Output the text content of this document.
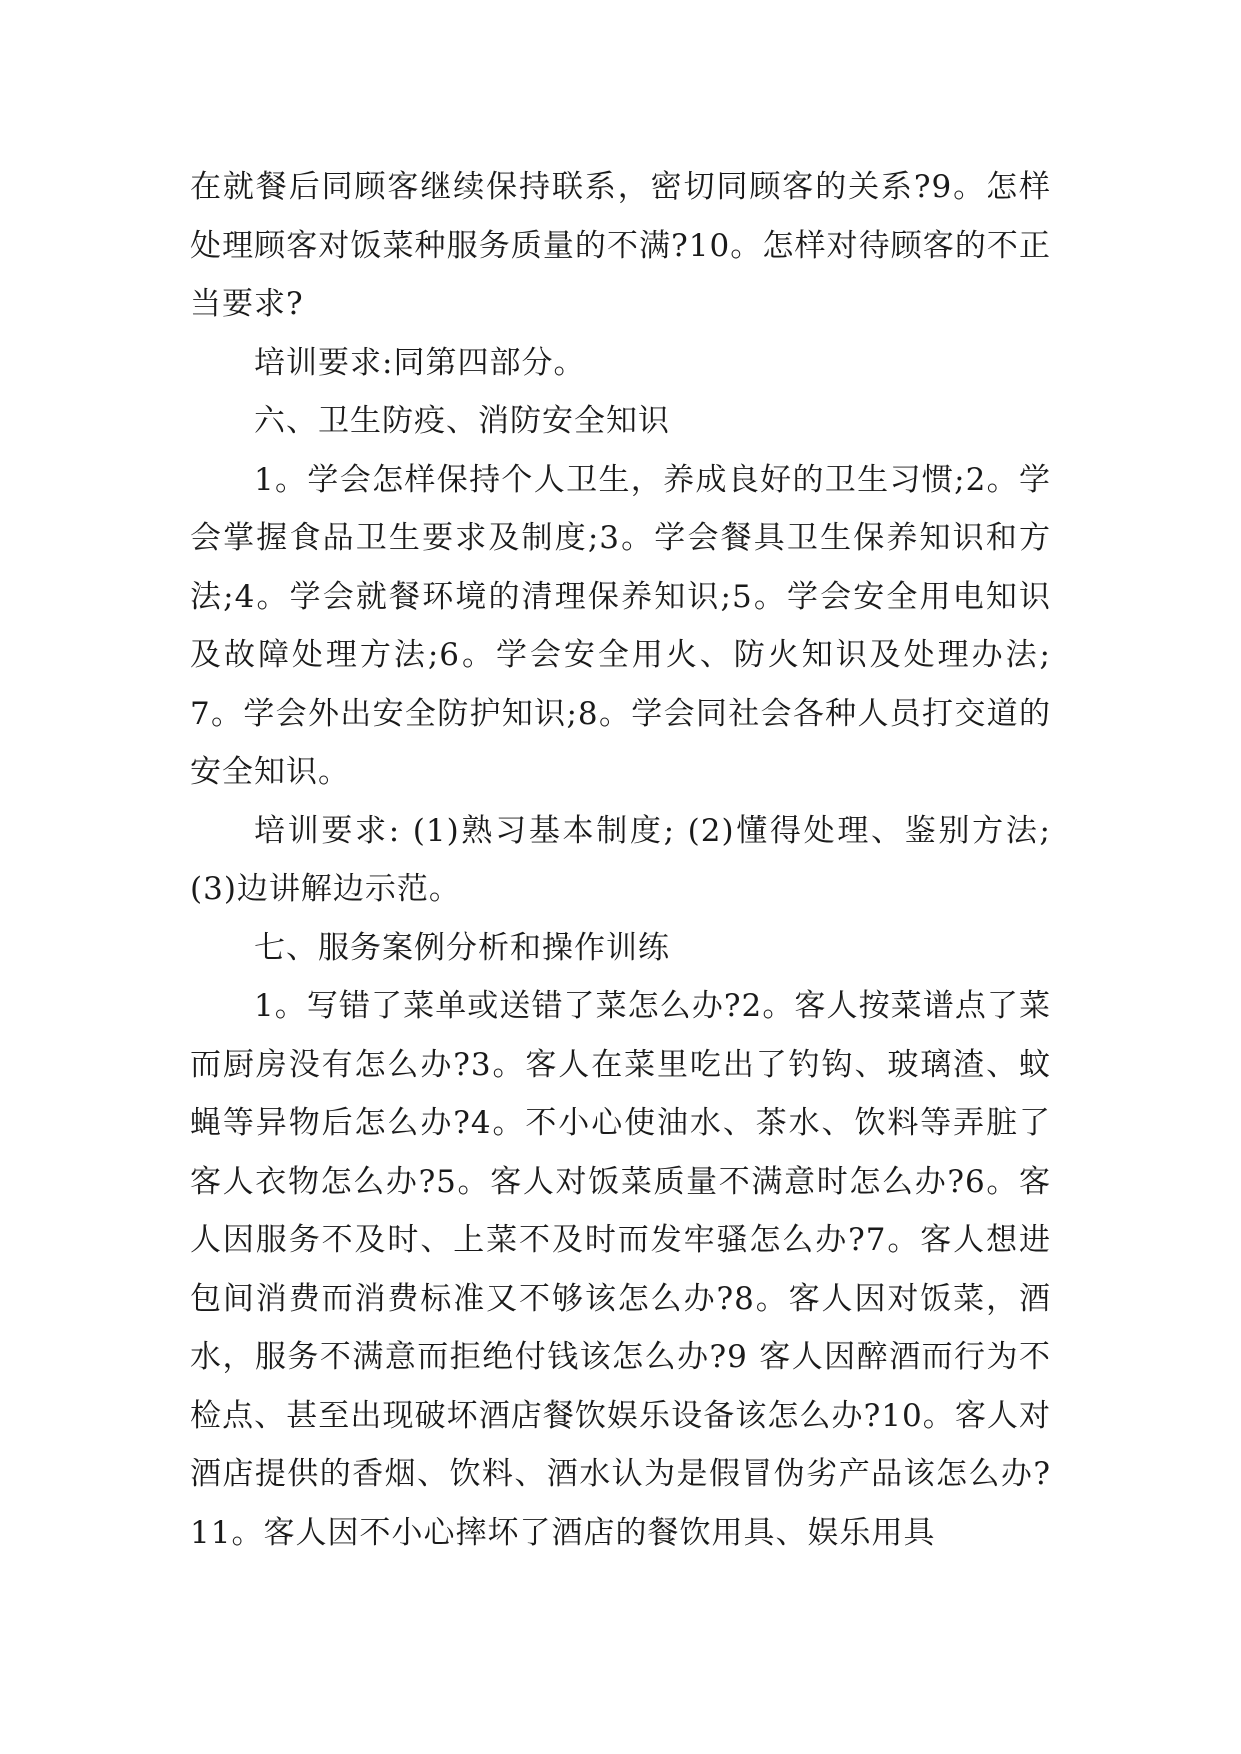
在就餐后同顾客继续保持联系，密切同顾客的关系?9。怎样处理顾客对饭菜种服务质量的不满?10。怎样对待顾客的不正当要求?

培训要求:同第四部分。

六、卫生防疫、消防安全知识

1。学会怎样保持个人卫生，养成良好的卫生习惯;2。学会掌握食品卫生要求及制度;3。学会餐具卫生保养知识和方法;4。学会就餐环境的清理保养知识;5。学会安全用电知识及故障处理方法;6。学会安全用火、防火知识及处理办法;7。学会外出安全防护知识;8。学会同社会各种人员打交道的安全知识。

培训要求: (1)熟习基本制度; (2)懂得处理、鉴别方法; (3)边讲解边示范。

七、服务案例分析和操作训练

1。写错了菜单或送错了菜怎么办?2。客人按菜谱点了菜而厨房没有怎么办?3。客人在菜里吃出了钓钩、玻璃渣、蚊蝇等异物后怎么办?4。不小心使油水、茶水、饮料等弄脏了客人衣物怎么办?5。客人对饭菜质量不满意时怎么办?6。客人因服务不及时、上菜不及时而发牢骚怎么办?7。客人想进包间消费而消费标准又不够该怎么办?8。客人因对饭菜，酒水，服务不满意而拒绝付钱该怎么办?9 客人因醉酒而行为不检点、甚至出现破坏酒店餐饮娱乐设备该怎么办?10。客人对酒店提供的香烟、饮料、酒水认为是假冒伪劣产品该怎么办?11。客人因不小心摔坏了酒店的餐饮用具、娱乐用具
